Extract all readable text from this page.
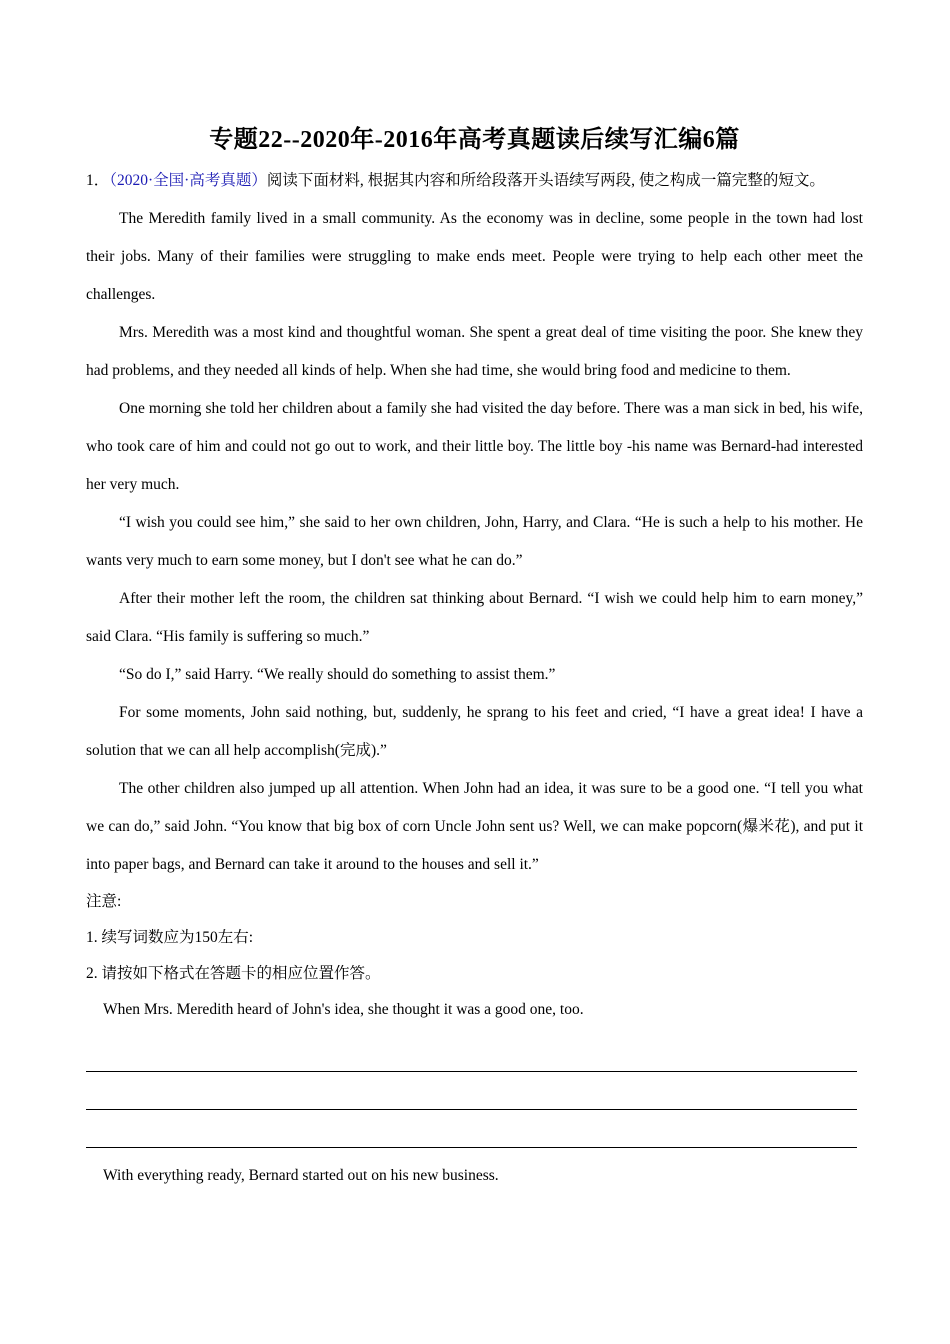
专题22--2020年-2016年高考真题读后续写汇编6篇

1．（2020·全国·高考真题）阅读下面材料, 根据其内容和所给段落开头语续写两段, 使之构成一篇完整的短文。

The Meredith family lived in a small community. As the economy was in decline, some people in the town had lost their jobs. Many of their families were struggling to make ends meet. People were trying to help each other meet the challenges.

Mrs. Meredith was a most kind and thoughtful woman. She spent a great deal of time visiting the poor. She knew they had problems, and they needed all kinds of help. When she had time, she would bring food and medicine to them.

One morning she told her children about a family she had visited the day before. There was a man sick in bed, his wife, who took care of him and could not go out to work, and their little boy. The little boy -his name was Bernard-had interested her very much.

“I wish you could see him,” she said to her own children, John, Harry, and Clara. “He is such a help to his mother. He wants very much to earn some money, but I don't see what he can do.”

After their mother left the room, the children sat thinking about Bernard. “I wish we could help him to earn money,” said Clara. “His family is suffering so much.”

“So do I,” said Harry. “We really should do something to assist them.”

For some moments, John said nothing, but, suddenly, he sprang to his feet and cried, “I have a great idea! I have a solution that we can all help accomplish(完成).”

The other children also jumped up all attention. When John had an idea, it was sure to be a good one. “I tell you what we can do,” said John. “You know that big box of corn Uncle John sent us? Well, we can make popcorn(爆米花), and put it into paper bags, and Bernard can take it around to the houses and sell it.”

注意:

1. 续写词数应为150左右:

2. 请按如下格式在答题卡的相应位置作答。

When Mrs. Meredith heard of John's idea, she thought it was a good one, too.

With everything ready, Bernard started out on his new business.
